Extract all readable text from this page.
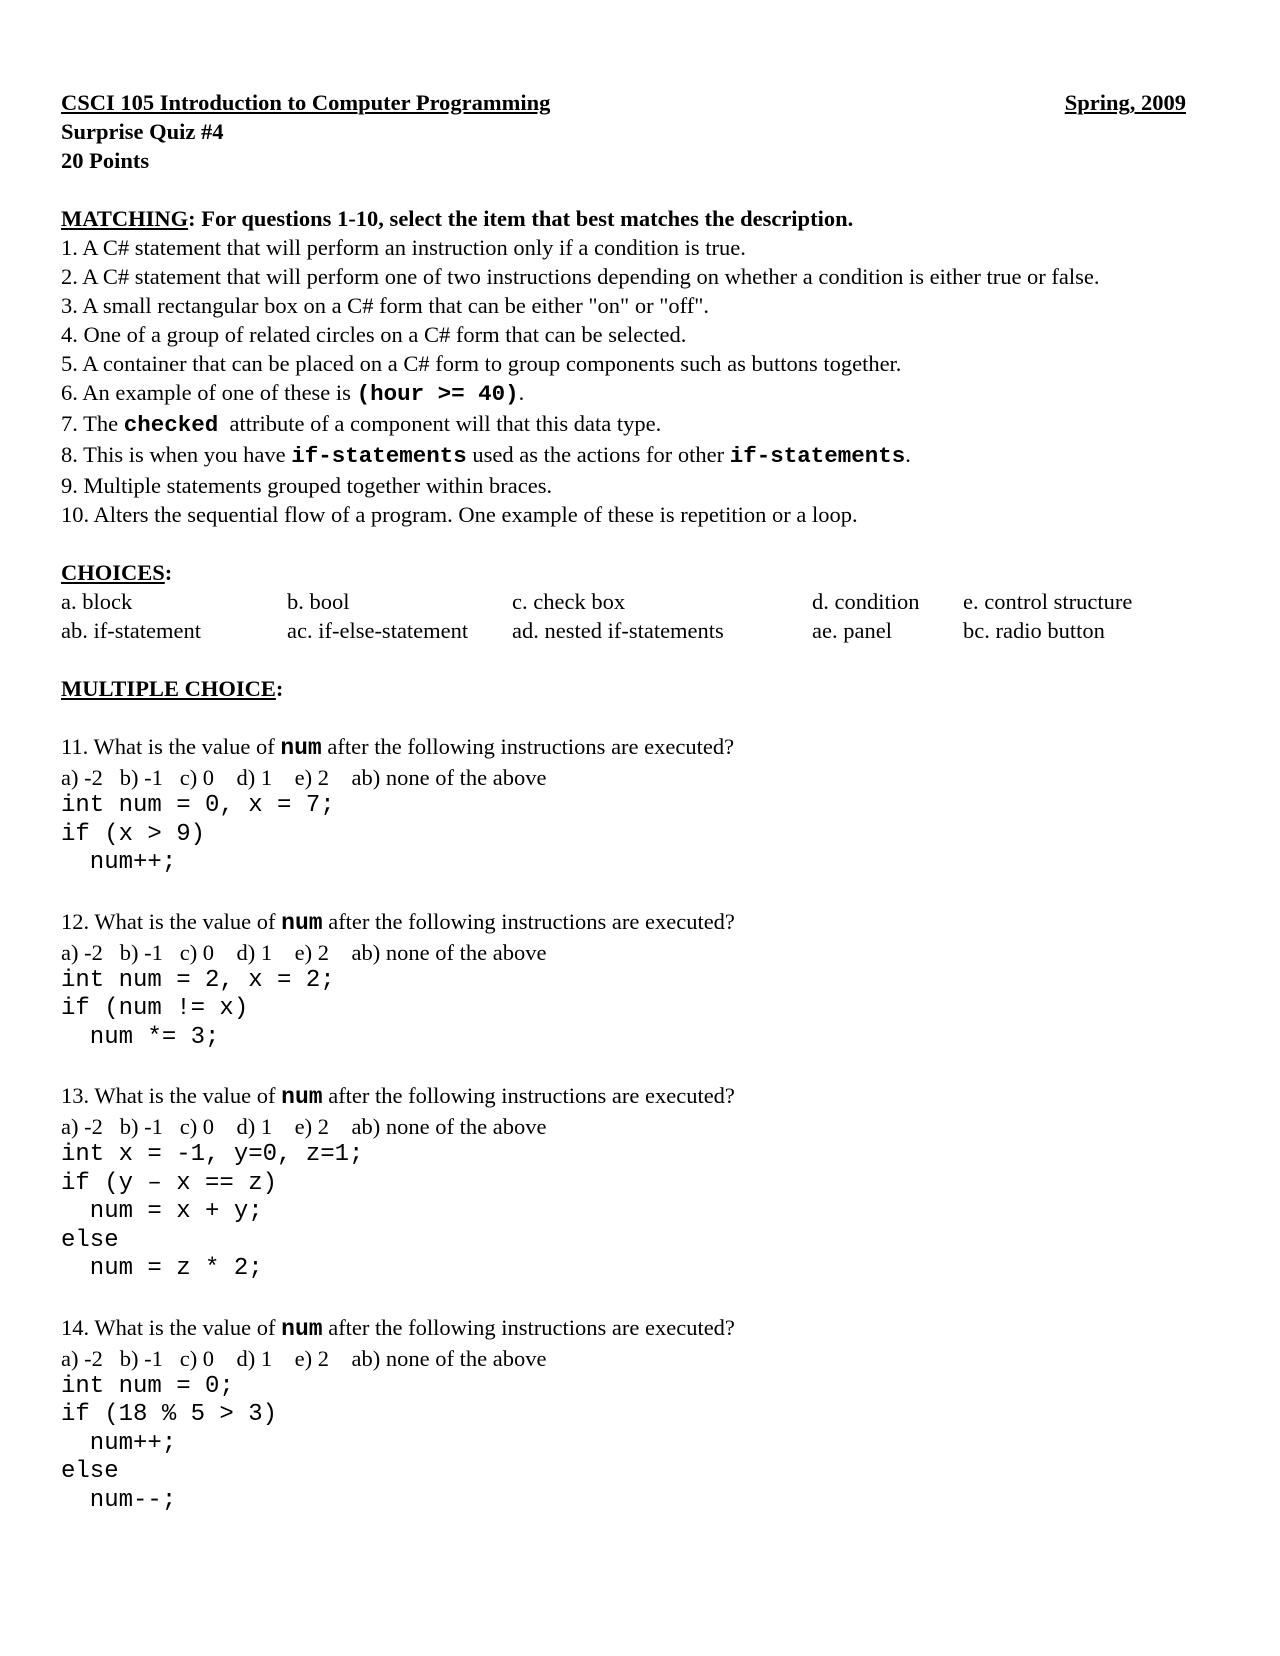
CSCI 105 Introduction to Computer Programming	Spring, 2009
Surprise Quiz #4
20 Points
MATCHING: For questions 1-10, select the item that best matches the description.
1. A C# statement that will perform an instruction only if a condition is true.
2. A C# statement that will perform one of two instructions depending on whether a condition is either true or false.
3. A small rectangular box on a C# form that can be either "on" or "off".
4. One of a group of related circles on a C# form that can be selected.
5. A container that can be placed on a C# form to group components such as buttons together.
6. An example of one of these is (hour >= 40).
7. The checked  attribute of a component will that this data type.
8. This is when you have if-statements used as the actions for other if-statements.
9. Multiple statements grouped together within braces.
10. Alters the sequential flow of a program. One example of these is repetition or a loop.
CHOICES:
a. block	b. bool	c. check box	d. condition	e. control structure
ab. if-statement	ac. if-else-statement	ad. nested if-statements	ae. panel	bc. radio button
MULTIPLE CHOICE:
11. What is the value of num after the following instructions are executed?
a) -2   b) -1   c) 0    d) 1    e) 2    ab) none of the above
int num = 0, x = 7;
if (x > 9)
num++;
12. What is the value of num after the following instructions are executed?
a) -2   b) -1   c) 0    d) 1    e) 2    ab) none of the above
int num = 2, x = 2;
if (num != x)
num *= 3;
13. What is the value of num after the following instructions are executed?
a) -2   b) -1   c) 0    d) 1    e) 2    ab) none of the above
int x = -1, y=0, z=1;
if (y – x == z)
num = x + y;
else
num = z * 2;
14. What is the value of num after the following instructions are executed?
a) -2   b) -1   c) 0    d) 1    e) 2    ab) none of the above
int num = 0;
if (18 % 5 > 3)
num++;
else
num--;
